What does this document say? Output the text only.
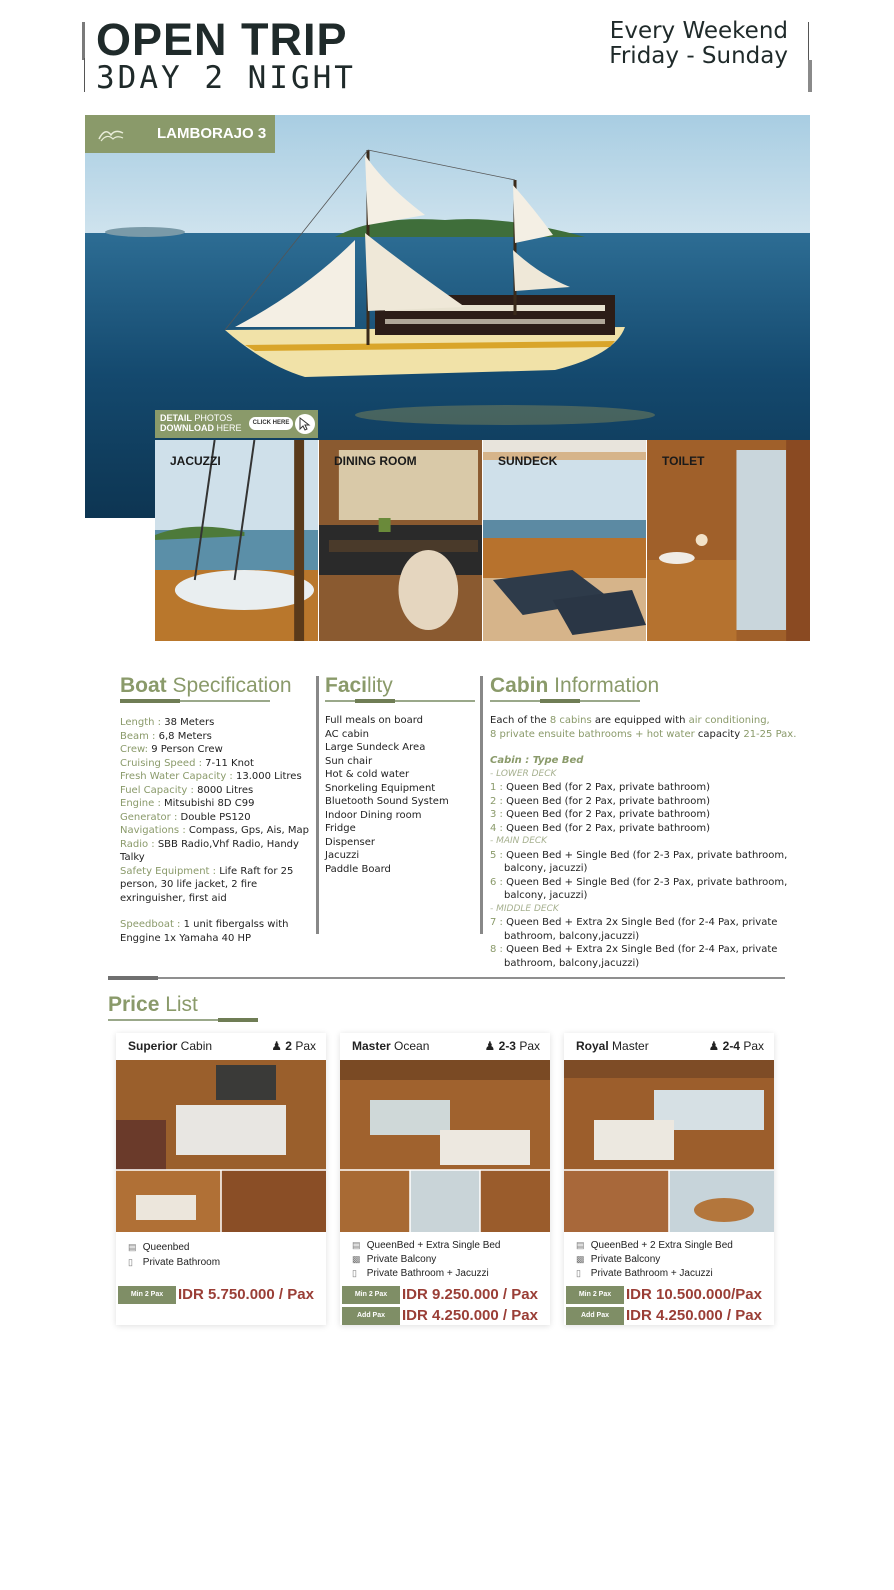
OPEN TRIP
3DAY 2 NIGHT
Every Weekend
Friday - Sunday
LAMBORAJO 3
DETAIL PHOTOS
DOWNLOAD HERE	CLICK HERE
JACUZZI	DINING ROOM	SUNDECK	TOILET
Boat Specification
Length : 38 Meters
Beam : 6,8 Meters
Crew: 9 Person Crew
Cruising Speed : 7-11 Knot
Fresh Water Capacity : 13.000 Litres
Fuel Capacity : 8000 Litres
Engine : Mitsubishi 8D C99
Generator : Double PS120
Navigations : Compass, Gps, Ais, Map
Radio : SBB Radio,Vhf Radio, Handy Talky
Safety Equipment : Life Raft for 25 person, 30 life jacket, 2 fire exringuisher, first aid
Speedboat : 1 unit fibergalss with Enggine 1x Yamaha 40 HP
Facility
Full meals on board
AC cabin
Large Sundeck Area
Sun chair
Hot & cold water
Snorkeling Equipment
Bluetooth Sound System
Indoor Dining room
Fridge
Dispenser
Jacuzzi
Paddle Board
Cabin Information
Each of the 8 cabins are equipped with air conditioning,
8 private ensuite bathrooms + hot water capacity 21-25 Pax.
Cabin : Type Bed
- LOWER DECK
1 : Queen Bed (for 2 Pax, private bathroom)
2 : Queen Bed (for 2 Pax, private bathroom)
3 : Queen Bed (for 2 Pax, private bathroom)
4 : Queen Bed (for 2 Pax, private bathroom)
- MAIN DECK
5 : Queen Bed + Single Bed (for 2-3 Pax, private bathroom, balcony, jacuzzi)
6 : Queen Bed + Single Bed (for 2-3 Pax, private bathroom, balcony, jacuzzi)
- MIDDLE DECK
7 : Queen Bed + Extra 2x Single Bed (for 2-4 Pax, private bathroom, balcony,jacuzzi)
8 : Queen Bed + Extra 2x Single Bed (for 2-4 Pax, private bathroom, balcony,jacuzzi)
Price List
Superior Cabin	♟ 2 Pax
▤ Queenbed
▯ Private Bathroom
Min 2 Pax IDR 5.750.000 / Pax
Master Ocean	♟ 2-3 Pax
▤ QueenBed + Extra Single Bed
▩ Private Balcony
▯ Private Bathroom + Jacuzzi
Min 2 Pax IDR 9.250.000 / Pax
Add Pax	IDR 4.250.000 / Pax
Royal Master	♟ 2-4 Pax
▤ QueenBed + 2 Extra Single Bed
▩ Private Balcony
▯ Private Bathroom + Jacuzzi
Min 2 Pax IDR 10.500.000/Pax
Add Pax	IDR 4.250.000 / Pax
